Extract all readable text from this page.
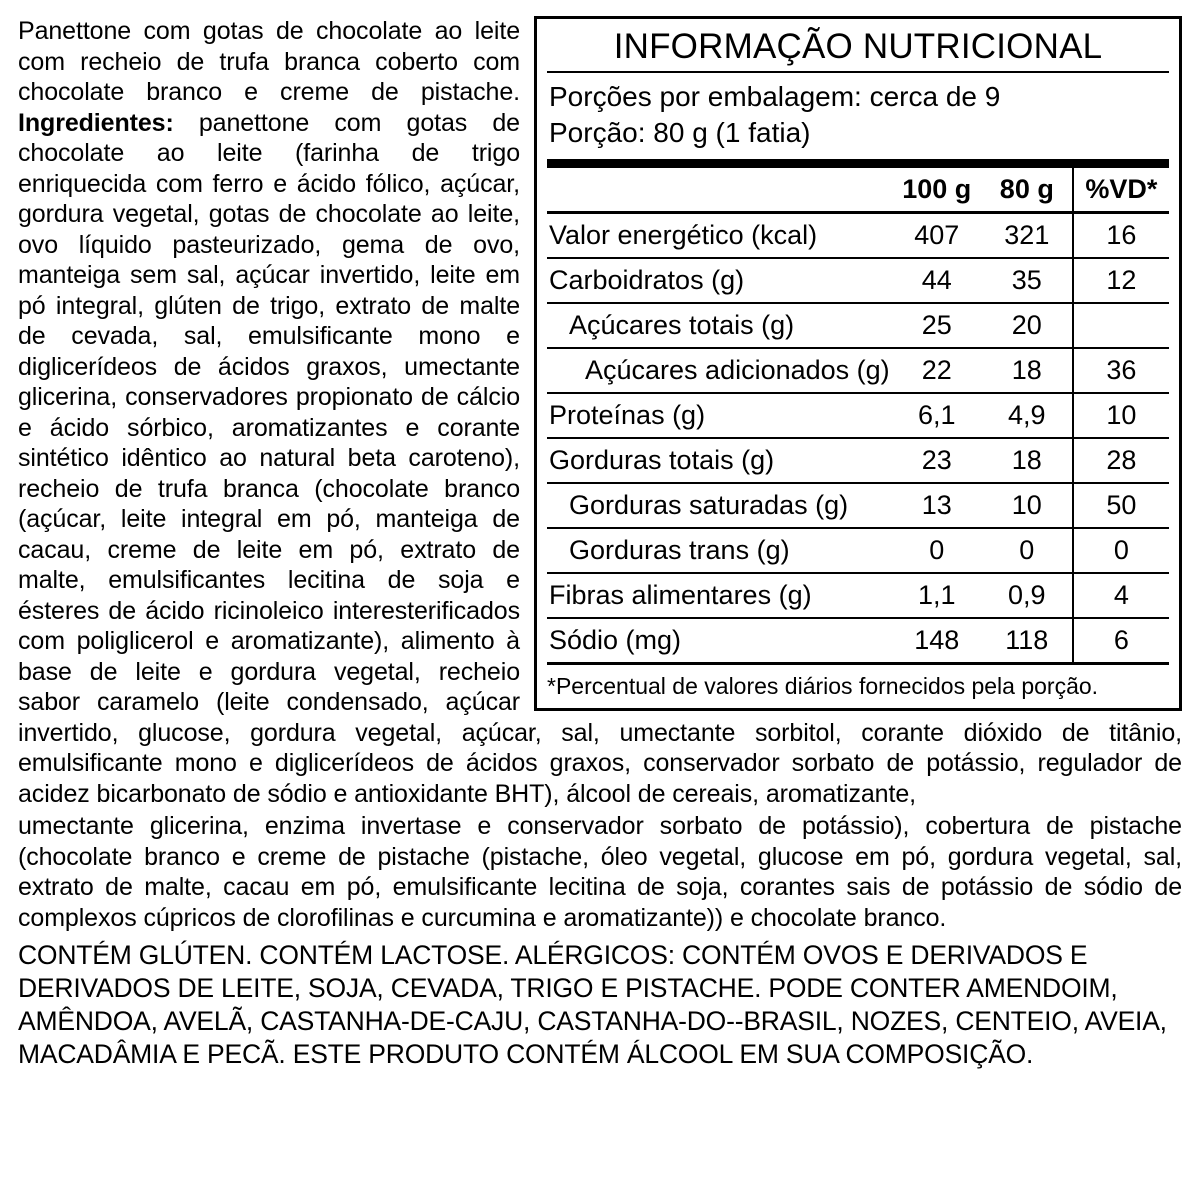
INFORMAÇÃO NUTRICIONAL
Porções por embalagem: cerca de 9
Porção: 80 g (1 fatia)
	100 g	80 g	%VD*
Valor energético (kcal)	407	321	16
Carboidratos (g)	44	35	12
Açúcares totais (g)	25	20	
Açúcares adicionados (g)	22	18	36
Proteínas (g)	6,1	4,9	10
Gorduras totais (g)	23	18	28
Gorduras saturadas (g)	13	10	50
Gorduras trans (g)	0	0	0
Fibras alimentares (g)	1,1	0,9	4
Sódio (mg)	148	118	6
*Percentual de valores diários fornecidos pela porção.
Panettone com gotas de chocolate ao leite com recheio de trufa branca coberto com chocolate branco e creme de pistache. Ingredientes: panettone com gotas de chocolate ao leite (farinha de trigo enriquecida com ferro e ácido fólico, açúcar, gordura vegetal, gotas de chocolate ao leite, ovo líquido pasteurizado, gema de ovo, manteiga sem sal, açúcar invertido, leite em pó integral, glúten de trigo, extrato de malte de cevada, sal, emulsificante mono e diglicerídeos de ácidos graxos, umectante glicerina, conservadores propionato de cálcio e ácido sórbico, aromatizantes e corante sintético idêntico ao natural beta caroteno), recheio de trufa branca (chocolate branco (açúcar, leite integral em pó, manteiga de cacau, creme de leite em pó, extrato de malte, emulsificantes lecitina de soja e ésteres de ácido ricinoleico interesterificados com poliglicerol e aromatizante), alimento à base de leite e gordura vegetal, recheio sabor caramelo (leite condensado, açúcar invertido, glucose, gordura vegetal, açúcar, sal, umectante sorbitol, corante dióxido de titânio, emulsificante mono e diglicerídeos de ácidos graxos, conservador sorbato de potássio, regulador de acidez bicarbonato de sódio e antioxidante BHT), álcool de cereais, aromatizante,
umectante glicerina, enzima invertase e conservador sorbato de potássio), cobertura de pistache (chocolate branco e creme de pistache (pistache, óleo vegetal, glucose em pó, gordura vegetal, sal, extrato de malte, cacau em pó, emulsificante lecitina de soja, corantes sais de potássio de sódio de complexos cúpricos de clorofilinas e curcumina e aromatizante)) e chocolate branco.
CONTÉM GLÚTEN. CONTÉM LACTOSE. ALÉRGICOS: CONTÉM OVOS E DERIVADOS E DERIVADOS DE LEITE, SOJA, CEVADA, TRIGO E PISTACHE. PODE CONTER AMENDOIM, AMÊNDOA, AVELÃ, CASTANHA-DE-CAJU, CASTANHA-DO--BRASIL, NOZES, CENTEIO, AVEIA, MACADÂMIA E PECÃ. ESTE PRODUTO CONTÉM ÁLCOOL EM SUA COMPOSIÇÃO.
